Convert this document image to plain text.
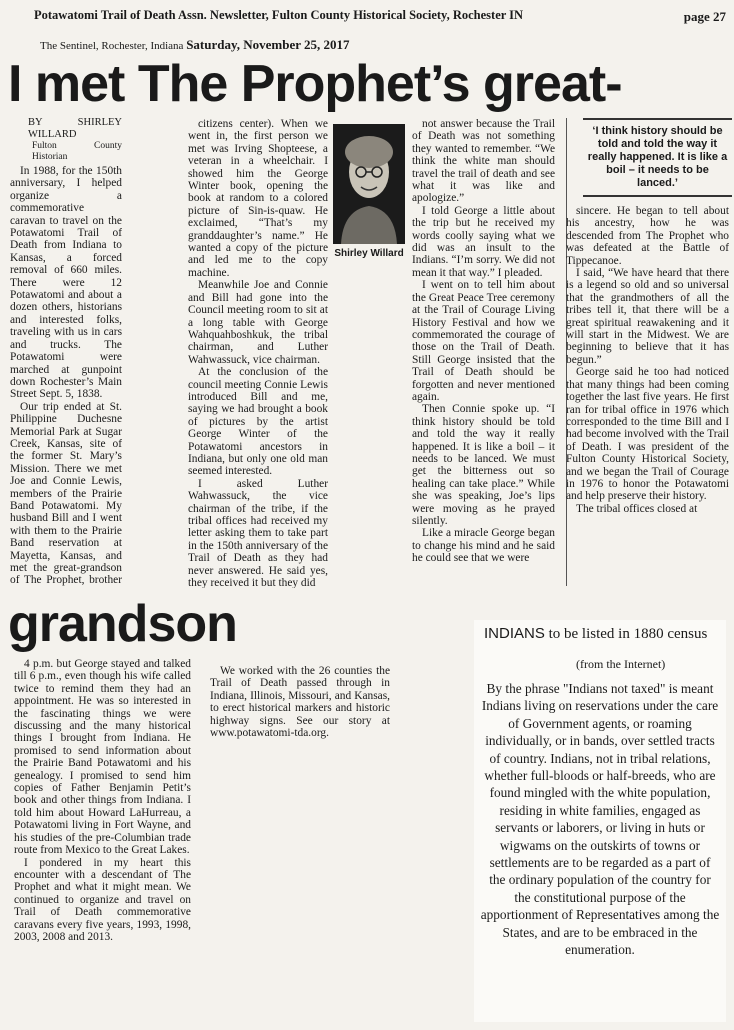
Potawatomi Trail of Death Assn. Newsletter, Fulton County Historical Society, Rochester IN	page 27
The Sentinel, Rochester, Indiana Saturday, November 25, 2017
I met The Prophet’s great-
BY SHIRLEY WILLARD
Fulton County Historian

In 1988, for the 150th anniversary, I helped organize a commemorative caravan to travel on the Potawatomi Trail of Death from Indiana to Kansas, a forced removal of 660 miles. There were 12 Potawatomi and about a dozen others, historians and interested folks, traveling with us in cars and trucks. The Potawatomi were marched at gunpoint down Rochester’s Main Street Sept. 5, 1838.

Our trip ended at St. Philippine Duchesne Memorial Park at Sugar Creek, Kansas, site of the former St. Mary’s Mission. There we met Joe and Connie Lewis, members of the Prairie Band Potawatomi. My husband Bill and I went with them to the Prairie Band reservation at Mayetta, Kansas, and met the great-grandson of The Prophet, brother

citizens center). When we went in, the first person we met was Irving Shopteese, a veteran in a wheelchair. I showed him the George Winter book, opening the book at random to a colored picture of Sin-is-quaw. He exclaimed, “That’s my granddaughter’s name.” He wanted a copy of the picture and led me to the copy machine.

Meanwhile Joe and Connie and Bill had gone into the Council meeting room to sit at a long table with George Wahquahboshkuk, the tribal chairman, and Luther Wahwassuck, vice chairman.

At the conclusion of the council meeting Connie Lewis introduced Bill and me, saying we had brought a book of pictures by the artist George Winter of the Potawatomi ancestors in Indiana, but only one old man seemed interested.

I asked Luther Wahwassuck, the vice chairman of the tribe, if the tribal offices had received my letter asking them to take part in the 150th anniversary of the Trail of Death as they had never answered. He said yes, they received it but they did

Shirley Willard

not answer because the Trail of Death was not something they wanted to remember. “We think the white man should travel the trail of death and see what it was like and apologize.”

I told George a little about the trip but he received my words coolly saying what we did was an insult to the Indians. “I’m sorry. We did not mean it that way.” I pleaded.

I went on to tell him about the Great Peace Tree ceremony at the Trail of Courage Living History Festival and how we commemorated the courage of those on the Trail of Death. Still George insisted that the Trail of Death should be forgotten and never mentioned again.

Then Connie spoke up. “I think history should be told and told the way it really happened. It is like a boil – it needs to be lanced. We must get the bitterness out so healing can take place.” While she was speaking, Joe’s lips were moving as he prayed silently.

Like a miracle George began to change his mind and he said he could see that we were

‘I think history should be told and told the way it really happened. It is like a boil – it needs to be lanced.’

sincere. He began to tell about his ancestry, how he was descended from The Prophet who was defeated at the Battle of Tippecanoe.

I said, “We have heard that there is a legend so old and so universal that the grandmothers of all the tribes tell it, that there will be a great spiritual reawakening and it will start in the Midwest. We are beginning to believe that it has begun.”

George said he too had noticed that many things had been coming together the last five years. He first ran for tribal office in 1976 which corresponded to the time Bill and I had become involved with the Trail of Death. I was president of the Fulton County Historical Society, and we began the Trail of Courage in 1976 to honor the Potawatomi and help preserve their history.

The tribal offices closed at

grandson

4 p.m. but George stayed and talked till 6 p.m., even though his wife called twice to remind them they had an appointment. He was so interested in the fascinating things we were discussing and the many historical things I brought from Indiana. He promised to send information about the Prairie Band Potawatomi and his genealogy. I promised to send him copies of Father Benjamin Petit’s book and other things from Indiana. I told him about Howard LaHurreau, a Potawatomi living in Fort Wayne, and his studies of the pre-Columbian trade route from Mexico to the Great Lakes.

I pondered in my heart this encounter with a descendant of The Prophet and what it might mean. We continued to organize and travel on Trail of Death commemorative caravans every five years, 1993, 1998, 2003, 2008 and 2013.

We worked with the 26 counties the Trail of Death passed through in Indiana, Illinois, Missouri, and Kansas, to erect historical markers and historic highway signs. See our story at www.potawatomi-tda.org.

INDIANS to be listed in 1880 census
(from the Internet)
By the phrase "Indians not taxed" is meant Indians living on reservations under the care of Government agents, or roaming individually, or in bands, over settled tracts of country. Indians, not in tribal relations, whether full-bloods or half-breeds, who are found mingled with the white population, residing in white families, engaged as servants or laborers, or living in huts or wigwams on the outskirts of towns or settlements are to be regarded as a part of the ordinary population of the country for the constitutional purpose of the apportionment of Representatives among the States, and are to be embraced in the enumeration.
